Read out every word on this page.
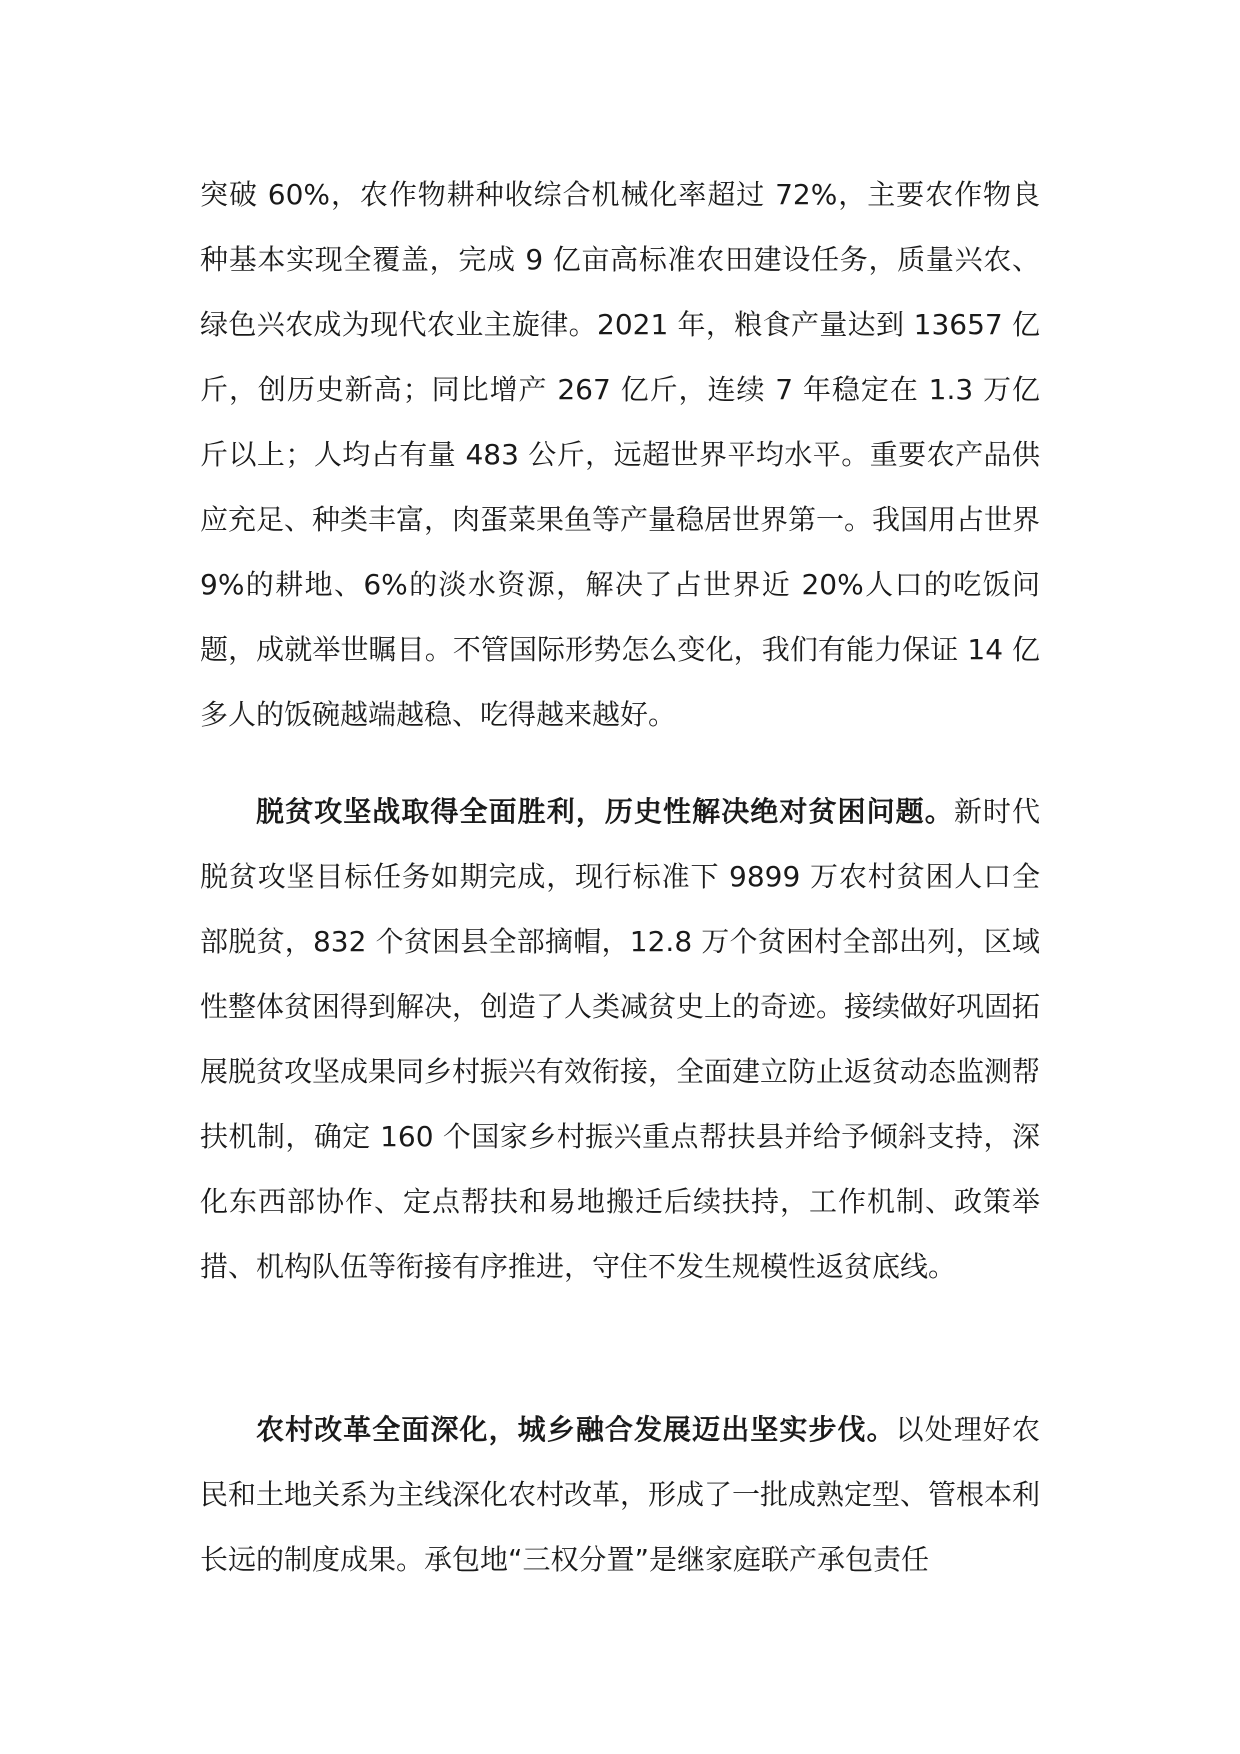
突破 60%，农作物耕种收综合机械化率超过 72%，主要农作物良种基本实现全覆盖，完成 9 亿亩高标准农田建设任务，质量兴农、绿色兴农成为现代农业主旋律。2021 年，粮食产量达到 13657 亿斤，创历史新高；同比增产 267 亿斤，连续 7 年稳定在 1.3 万亿斤以上；人均占有量 483 公斤，远超世界平均水平。重要农产品供应充足、种类丰富，肉蛋菜果鱼等产量稳居世界第一。我国用占世界 9%的耕地、6%的淡水资源，解决了占世界近 20%人口的吃饭问题，成就举世瞩目。不管国际形势怎么变化，我们有能力保证 14 亿多人的饭碗越端越稳、吃得越来越好。

脱贫攻坚战取得全面胜利，历史性解决绝对贫困问题。新时代脱贫攻坚目标任务如期完成，现行标准下 9899 万农村贫困人口全部脱贫，832 个贫困县全部摘帽，12.8 万个贫困村全部出列，区域性整体贫困得到解决，创造了人类减贫史上的奇迹。接续做好巩固拓展脱贫攻坚成果同乡村振兴有效衔接，全面建立防止返贫动态监测帮扶机制，确定 160 个国家乡村振兴重点帮扶县并给予倾斜支持，深化东西部协作、定点帮扶和易地搬迁后续扶持，工作机制、政策举措、机构队伍等衔接有序推进，守住不发生规模性返贫底线。

农村改革全面深化，城乡融合发展迈出坚实步伐。以处理好农民和土地关系为主线深化农村改革，形成了一批成熟定型、管根本利长远的制度成果。承包地“三权分置”是继家庭联产承包责任
